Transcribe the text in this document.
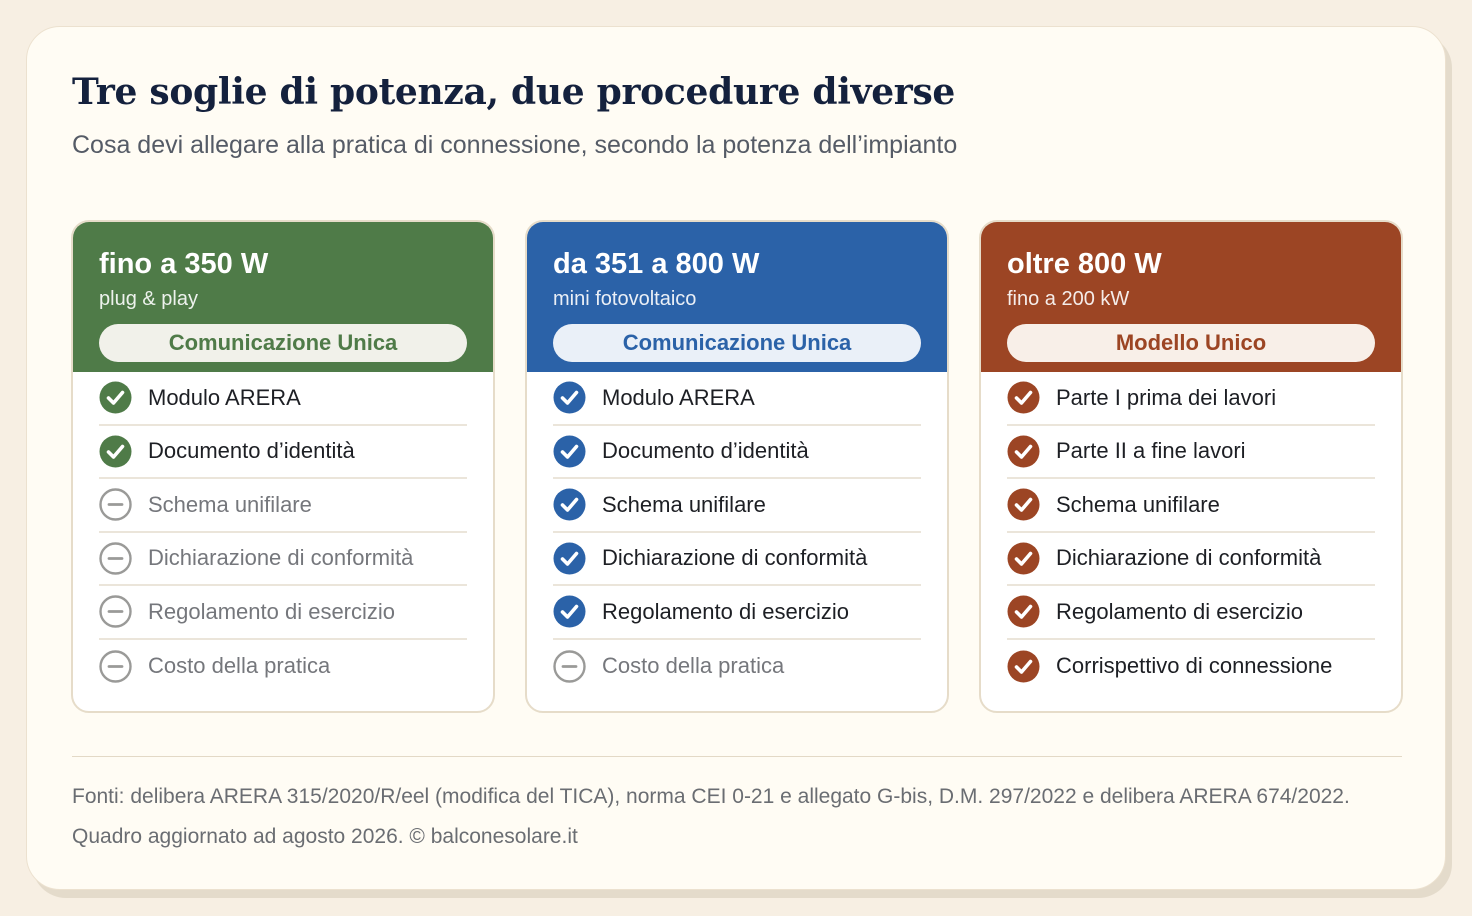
Tre soglie di potenza, due procedure diverse

Cosa devi allegare alla pratica di connessione, secondo la potenza dell’impianto

fino a 350 W
plug & play
Comunicazione Unica
Modulo ARERA
Documento d’identità
Schema unifilare
Dichiarazione di conformità
Regolamento di esercizio
Costo della pratica
da 351 a 800 W
mini fotovoltaico
Comunicazione Unica
Modulo ARERA
Documento d’identità
Schema unifilare
Dichiarazione di conformità
Regolamento di esercizio
Costo della pratica
oltre 800 W
fino a 200 kW
Modello Unico
Parte I prima dei lavori
Parte II a fine lavori
Schema unifilare
Dichiarazione di conformità
Regolamento di esercizio
Corrispettivo di connessione

Fonti: delibera ARERA 315/2020/R/eel (modifica del TICA), norma CEI 0-21 e allegato G-bis, D.M. 297/2022 e delibera ARERA 674/2022. Quadro aggiornato ad agosto 2026. © balconesolare.it
